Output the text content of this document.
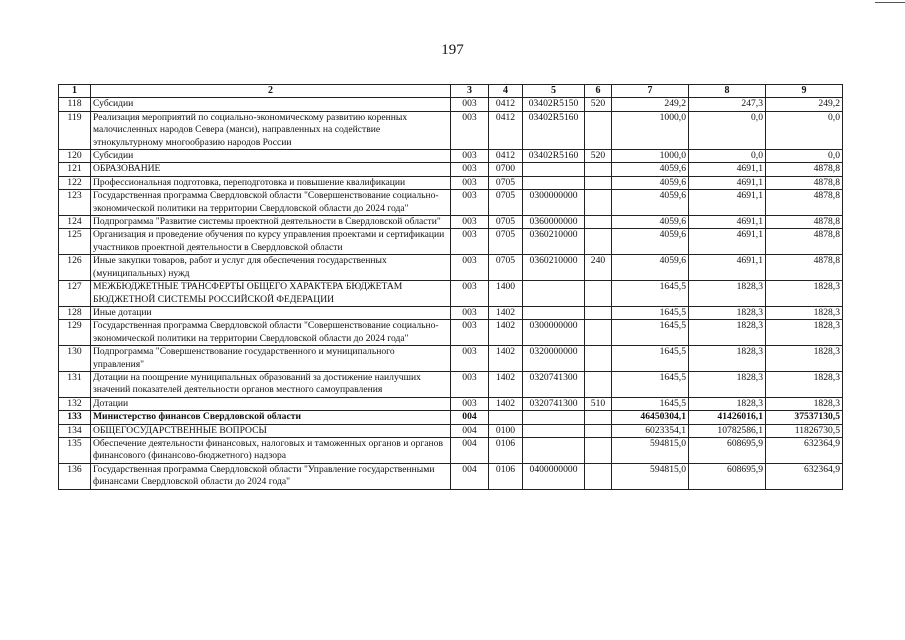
197
1	2	3	4	5	6	7	8	9
118	Субсидии	003	0412	03402R5150	520	249,2	247,3	249,2
119	Реализация мероприятий по социально-экономическому развитию коренных малочисленных народов Севера (манси), направленных на содействие этнокультурному многообразию народов России	003	0412	03402R5160		1000,0	0,0	0,0
120	Субсидии	003	0412	03402R5160	520	1000,0	0,0	0,0
121	ОБРАЗОВАНИЕ	003	0700			4059,6	4691,1	4878,8
122	Профессиональная подготовка, переподготовка и повышение квалификации	003	0705			4059,6	4691,1	4878,8
123	Государственная программа Свердловской области "Совершенствование социально-экономической политики на территории Свердловской области до 2024 года"	003	0705	0300000000		4059,6	4691,1	4878,8
124	Подпрограмма "Развитие системы проектной деятельности в Свердловской области"	003	0705	0360000000		4059,6	4691,1	4878,8
125	Организация и проведение обучения по курсу управления проектами и сертификации участников проектной деятельности в Свердловской области	003	0705	0360210000		4059,6	4691,1	4878,8
126	Иные закупки товаров, работ и услуг для обеспечения государственных (муниципальных) нужд	003	0705	0360210000	240	4059,6	4691,1	4878,8
127	МЕЖБЮДЖЕТНЫЕ ТРАНСФЕРТЫ ОБЩЕГО ХАРАКТЕРА БЮДЖЕТАМ БЮДЖЕТНОЙ СИСТЕМЫ РОССИЙСКОЙ ФЕДЕРАЦИИ	003	1400			1645,5	1828,3	1828,3
128	Иные дотации	003	1402			1645,5	1828,3	1828,3
129	Государственная программа Свердловской области "Совершенствование социально-экономической политики на территории Свердловской области до 2024 года"	003	1402	0300000000		1645,5	1828,3	1828,3
130	Подпрограмма "Совершенствование государственного и муниципального управления"	003	1402	0320000000		1645,5	1828,3	1828,3
131	Дотации на поощрение муниципальных образований за достижение наилучших значений показателей деятельности органов местного самоуправления	003	1402	0320741300		1645,5	1828,3	1828,3
132	Дотации	003	1402	0320741300	510	1645,5	1828,3	1828,3
133	Министерство финансов Свердловской области	004				46450304,1	41426016,1	37537130,5
134	ОБЩЕГОСУДАРСТВЕННЫЕ ВОПРОСЫ	004	0100			6023354,1	10782586,1	11826730,5
135	Обеспечение деятельности финансовых, налоговых и таможенных органов и органов финансового (финансово-бюджетного) надзора	004	0106			594815,0	608695,9	632364,9
136	Государственная программа Свердловской области "Управление государственными финансами Свердловской области до 2024 года"	004	0106	0400000000		594815,0	608695,9	632364,9
